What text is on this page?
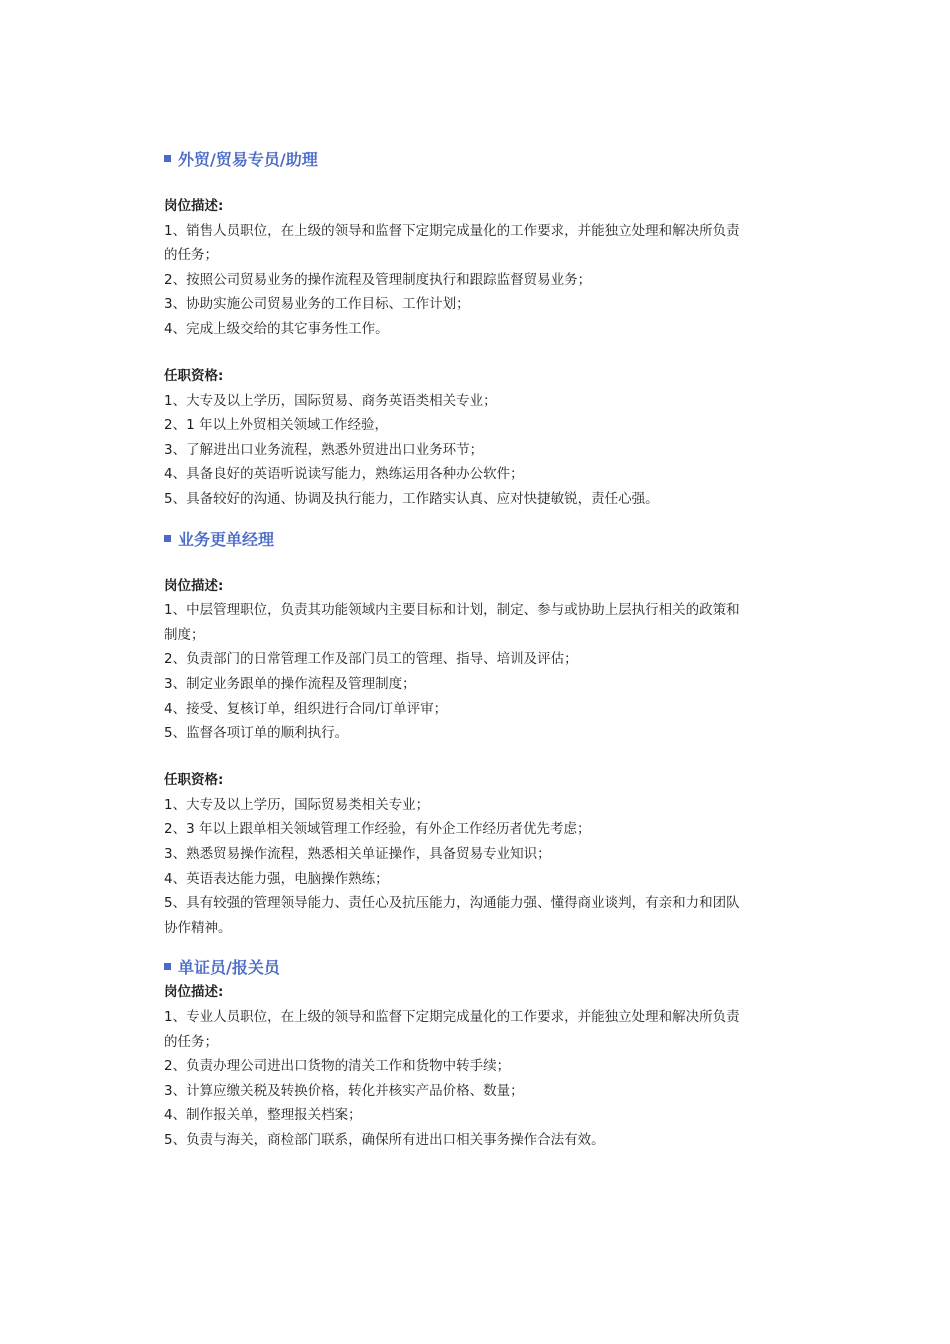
外贸/贸易专员/助理
岗位描述:
1、销售人员职位，在上级的领导和监督下定期完成量化的工作要求，并能独立处理和解决所负责
的任务；
2、按照公司贸易业务的操作流程及管理制度执行和跟踪监督贸易业务；
3、协助实施公司贸易业务的工作目标、工作计划；
4、完成上级交给的其它事务性工作。
任职资格:
1、大专及以上学历，国际贸易、商务英语类相关专业；
2、1 年以上外贸相关领域工作经验，
3、了解进出口业务流程，熟悉外贸进出口业务环节；
4、具备良好的英语听说读写能力，熟练运用各种办公软件；
5、具备较好的沟通、协调及执行能力，工作踏实认真、应对快捷敏锐，责任心强。
业务更单经理
岗位描述:
1、中层管理职位，负责其功能领域内主要目标和计划，制定、参与或协助上层执行相关的政策和
制度；
2、负责部门的日常管理工作及部门员工的管理、指导、培训及评估；
3、制定业务跟单的操作流程及管理制度；
4、接受、复核订单，组织进行合同/订单评审；
5、监督各项订单的顺利执行。
任职资格:
1、大专及以上学历，国际贸易类相关专业；
2、3 年以上跟单相关领域管理工作经验，有外企工作经历者优先考虑；
3、熟悉贸易操作流程，熟悉相关单证操作，具备贸易专业知识；
4、英语表达能力强，电脑操作熟练；
5、具有较强的管理领导能力、责任心及抗压能力，沟通能力强、懂得商业谈判，有亲和力和团队
协作精神。
单证员/报关员
岗位描述:
1、专业人员职位，在上级的领导和监督下定期完成量化的工作要求，并能独立处理和解决所负责
的任务；
2、负责办理公司进出口货物的清关工作和货物中转手续；
3、计算应缴关税及转换价格，转化并核实产品价格、数量；
4、制作报关单，整理报关档案；
5、负责与海关，商检部门联系，确保所有进出口相关事务操作合法有效。
